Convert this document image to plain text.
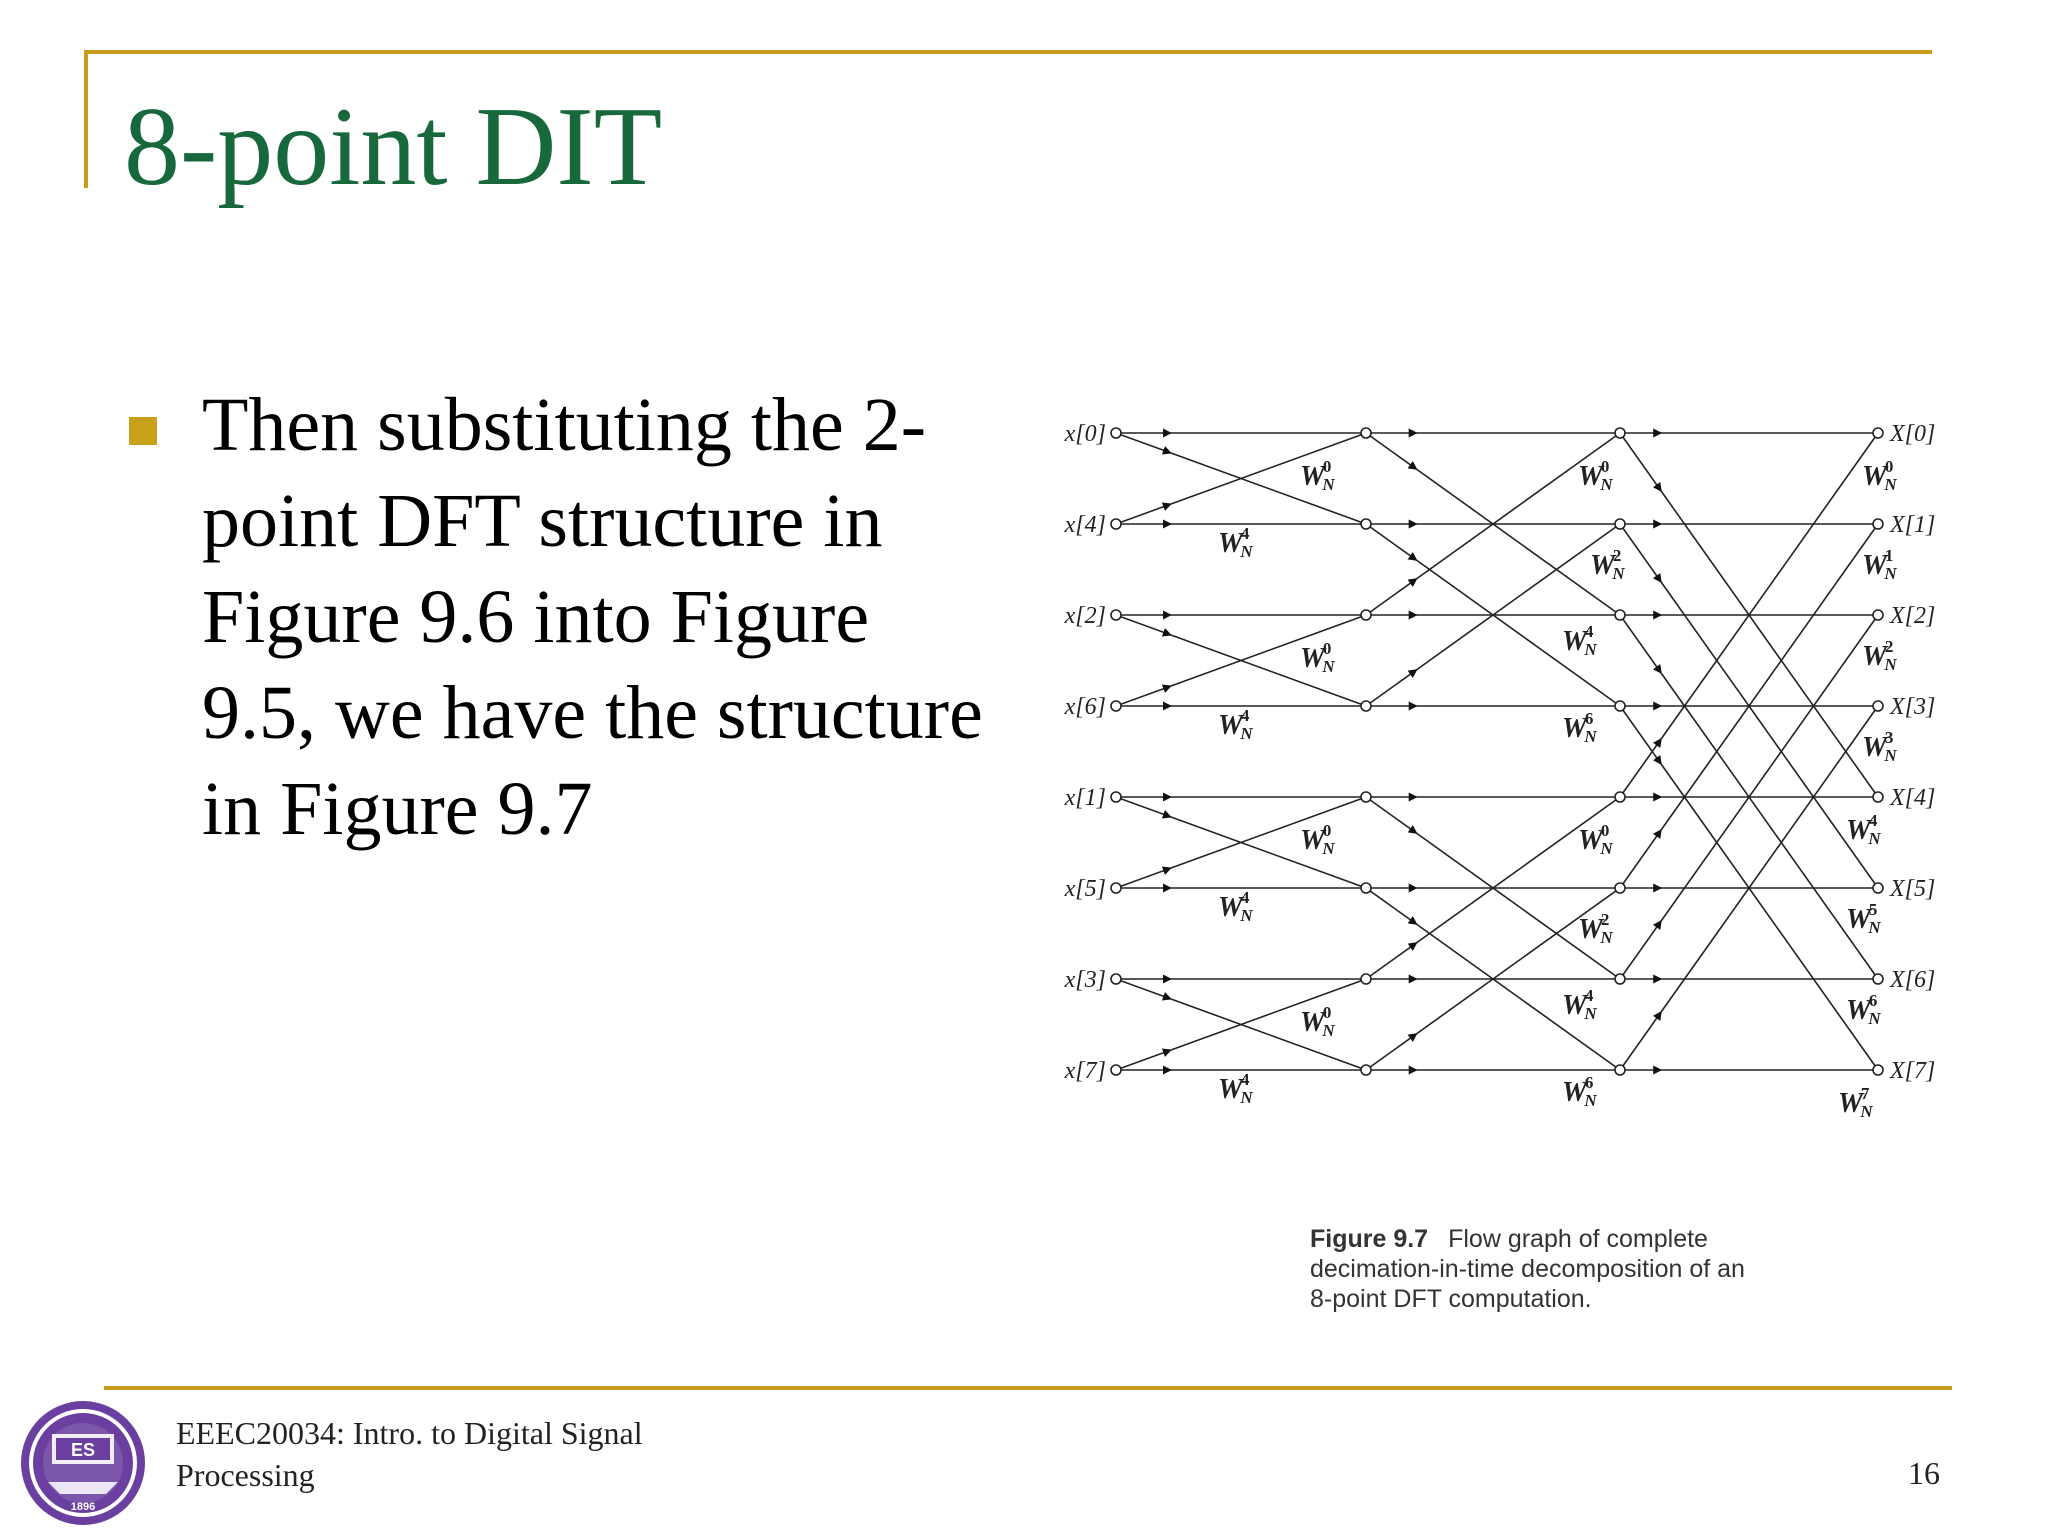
8-point DIT
Then substituting the 2-point DFT structure in Figure 9.6 into Figure 9.5, we have the structure in Figure 9.7
x[0]
x[4]
x[2]
x[6]
x[1]
x[5]
x[3]
x[7]
X[0]
X[1]
X[2]
X[3]
X[4]
X[5]
X[6]
X[7]
W0 N
W4 N
W0 N
W4 N
W0 N
W4 N
W0 N
W4 N
W0 N
W2 N
W4 N
W6 N
W0 N
W2 N
W4 N
W6 N
W0 N
W1 N
W2 N
W3 N
W4 N
W5 N
W6 N
W7 N
Figure 9.7 Flow graph of complete decimation-in-time decomposition of an 8-point DFT computation.
ES
1896
EEEC20034: Intro. to Digital Signal
Processing	16
